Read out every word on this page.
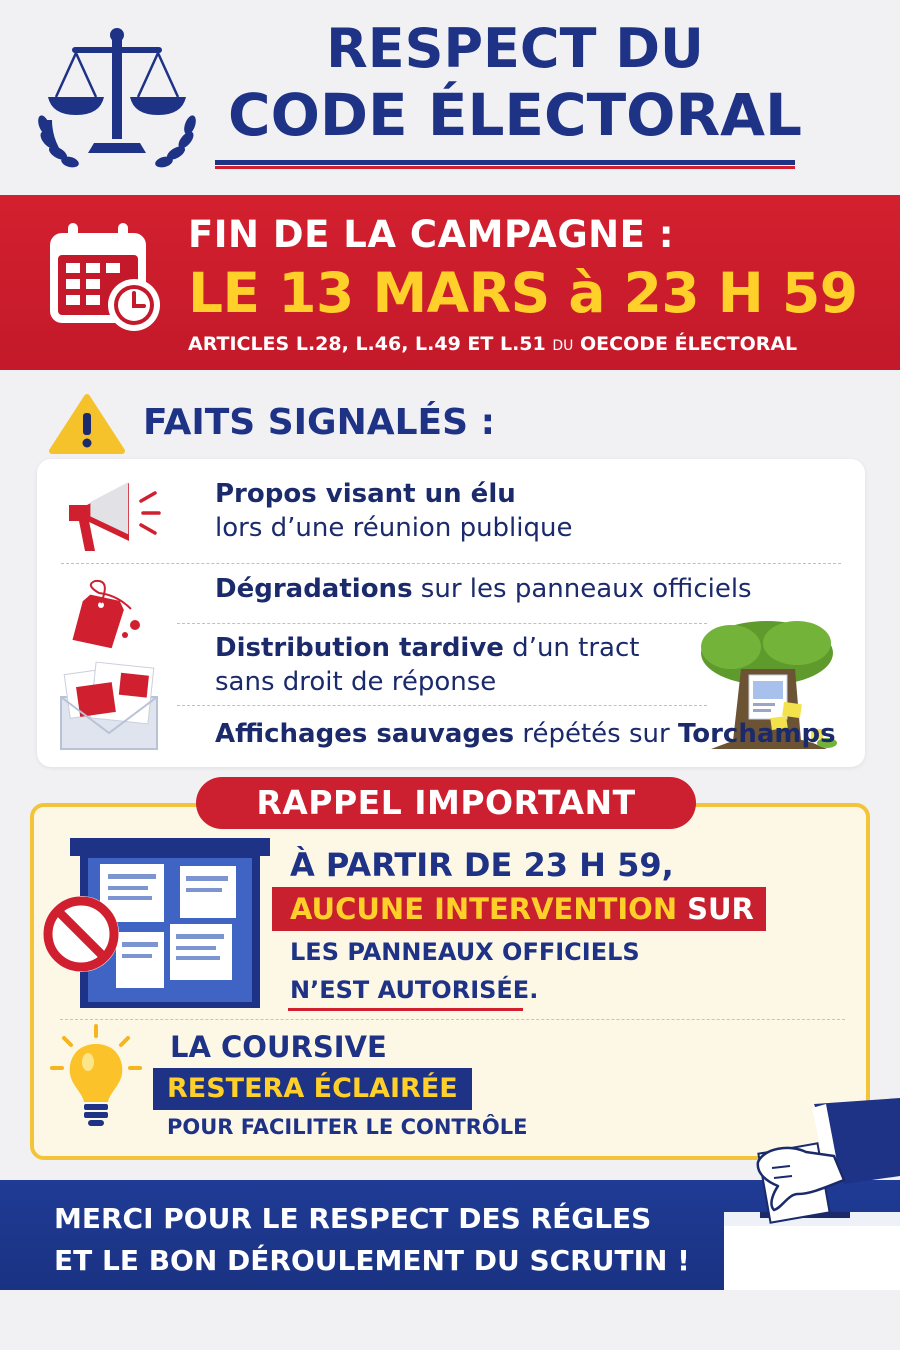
RESPECT DU
CODE ÉLECTORAL
FIN DE LA CAMPAGNE :
LE 13 MARS à 23 H 59
ARTICLES L.28, L.46, L.49 ET L.51 DU OECODE ÉLECTORAL
FAITS SIGNALÉS :
Propos visant un élu
lors d’une réunion publique
Dégradations sur les panneaux officiels
Distribution tardive d’un tract
sans droit de réponse
Affichages sauvages répétés sur Torchamps
RAPPEL IMPORTANT
À PARTIR DE 23 H 59,
AUCUNE INTERVENTION SUR
LES PANNEAUX OFFICIELS
N’EST AUTORISÉE.
LA COURSIVE
RESTERA ÉCLAIRÉE
POUR FACILITER LE CONTRÔLE
MERCI POUR LE RESPECT DES RÉGLES
ET LE BON DÉROULEMENT DU SCRUTIN !
